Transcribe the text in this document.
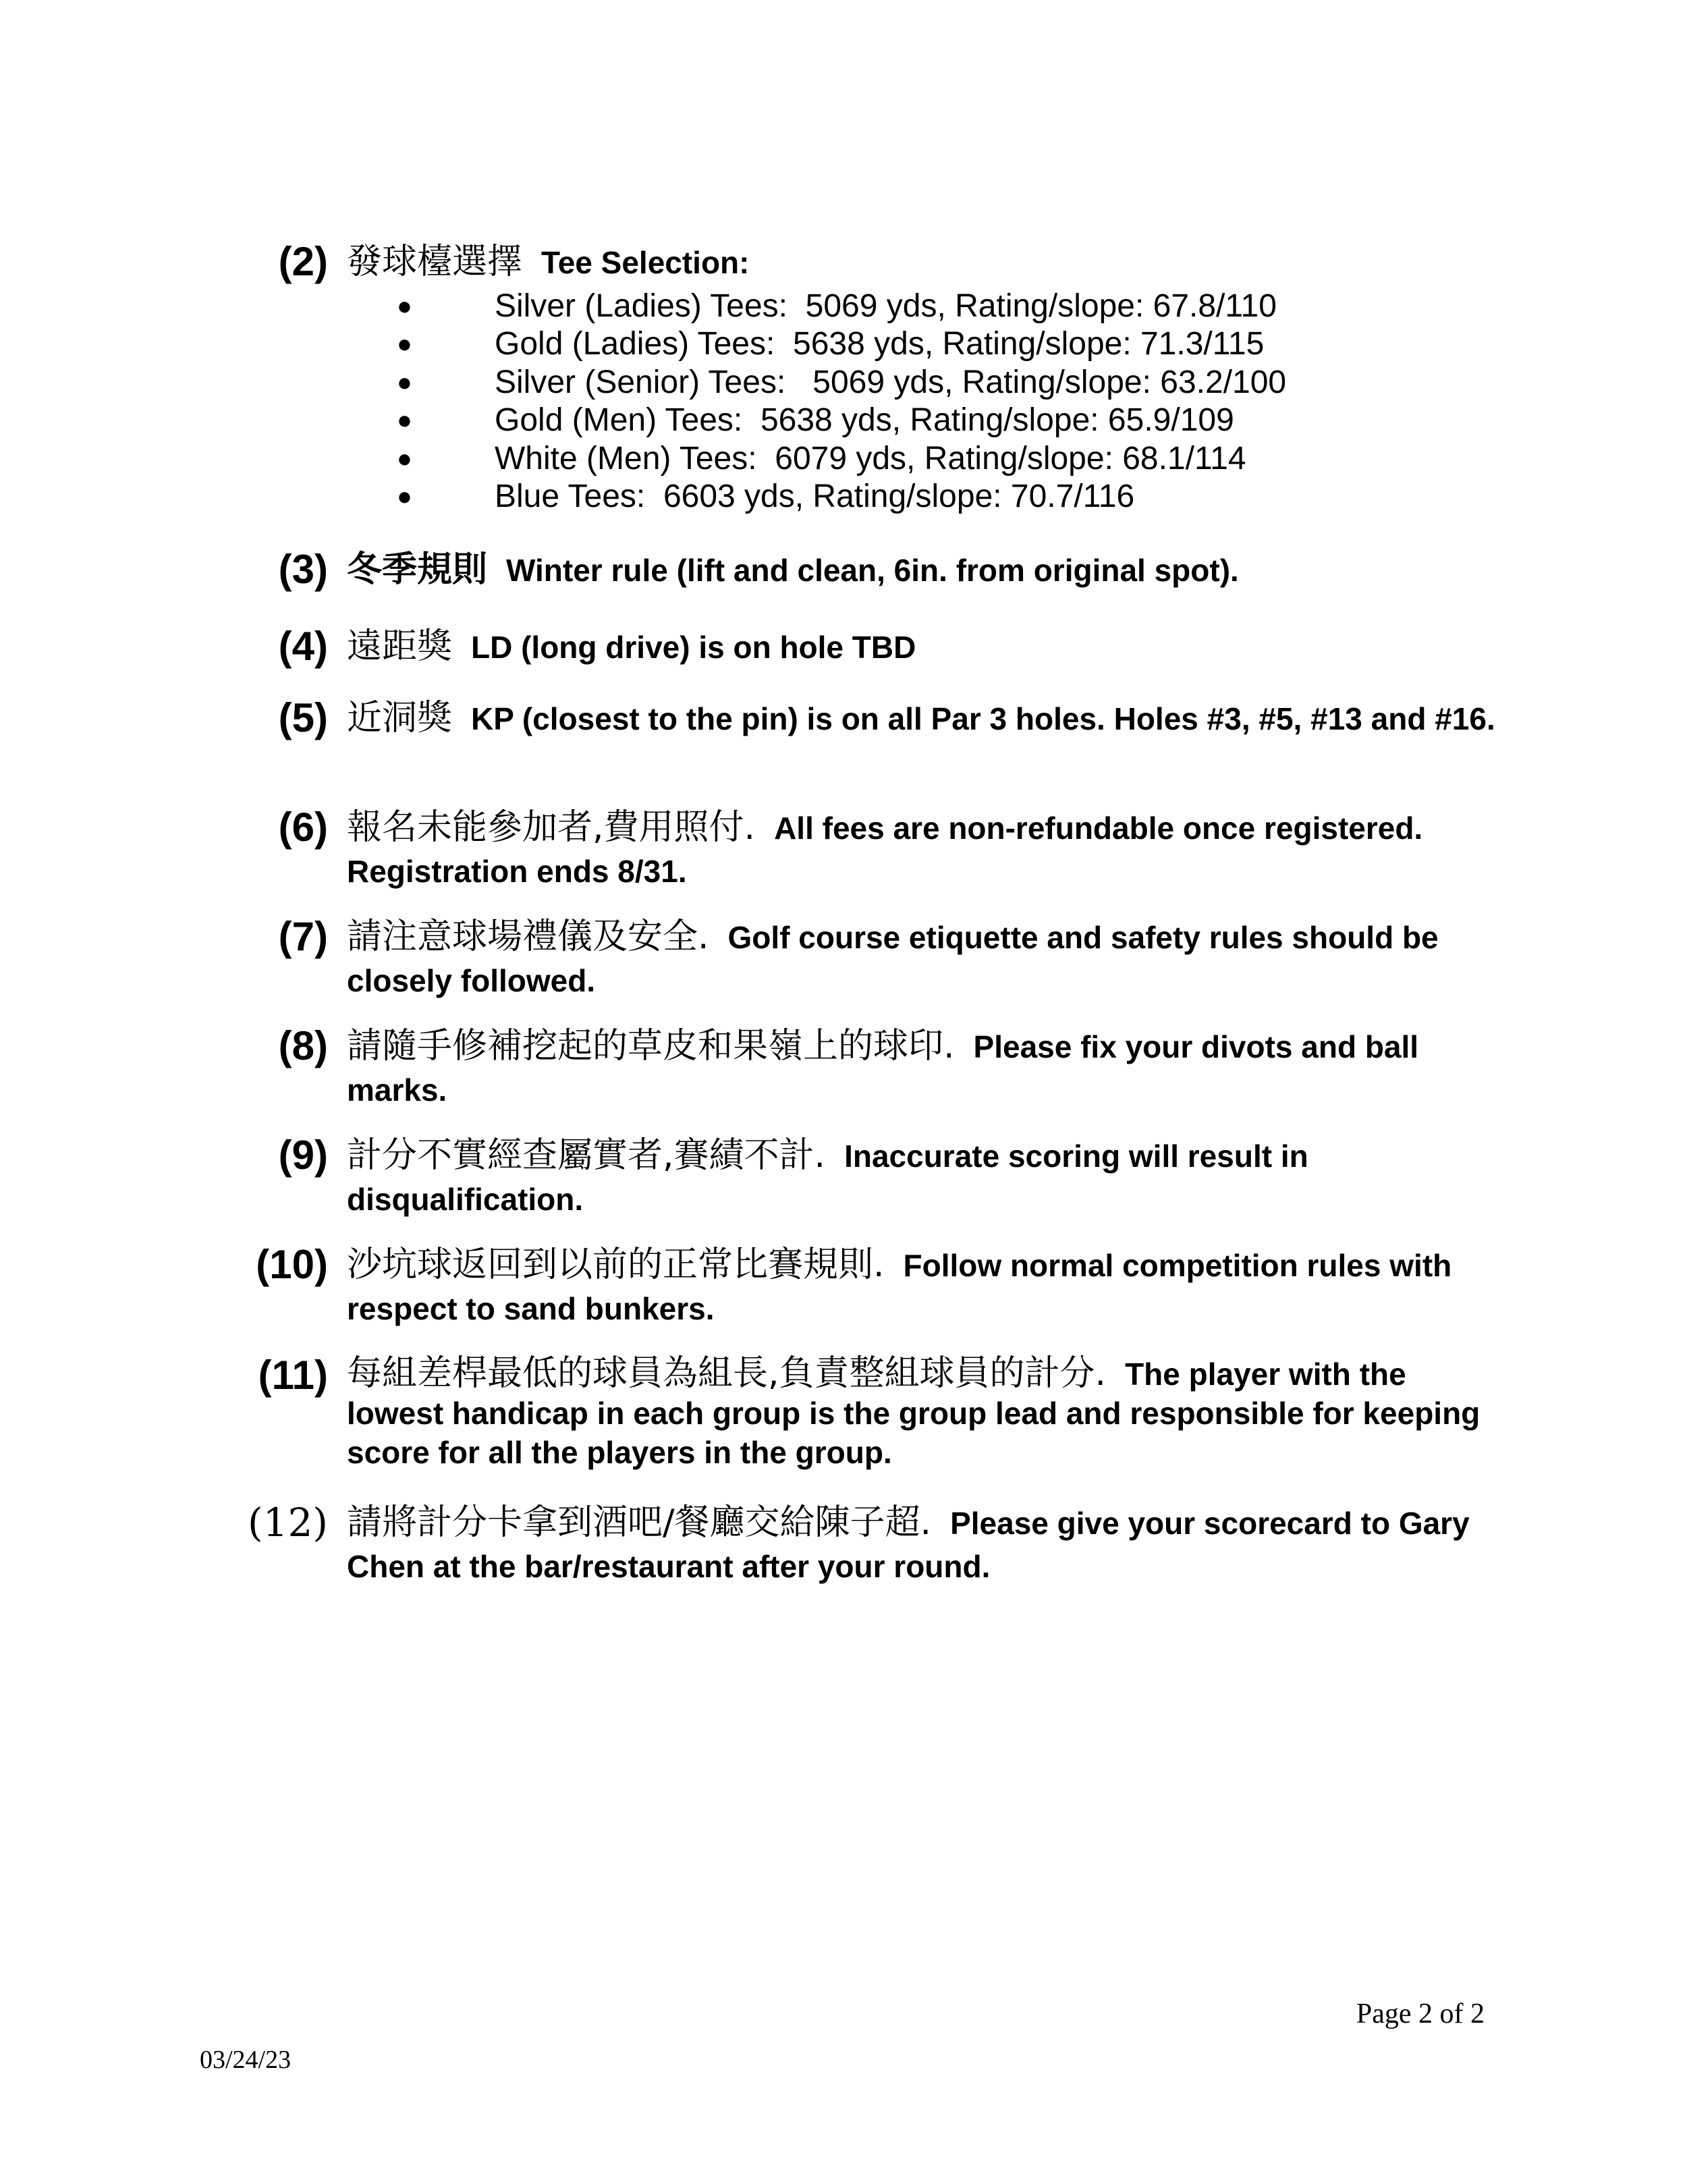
(2) 發球檯選擇 Tee Selection:

●

	Silver (Ladies) Tees:  5069 yds, Rating/slope: 67.8/110

●

	Gold (Ladies) Tees:  5638 yds, Rating/slope: 71.3/115

●

	Silver (Senior) Tees:   5069 yds, Rating/slope: 63.2/100

●

	Gold (Men) Tees:  5638 yds, Rating/slope: 65.9/109

●

	White (Men) Tees:  6079 yds, Rating/slope: 68.1/114

●

	Blue Tees:  6603 yds, Rating/slope: 70.7/116

(3) 冬季規則 Winter rule (lift and clean, 6in. from original spot).
(4) 遠距獎 LD (long drive) is on hole TBD
(5) 近洞獎 KP (closest to the pin) is on all Par 3 holes. Holes #3, #5, #13 and #16.
(6) 報名未能參加者,費用照付. All fees are non-refundable once registered. Registration ends 8/31.
(7) 請注意球場禮儀及安全. Golf course etiquette and safety rules should be closely followed.
(8) 請隨手修補挖起的草皮和果嶺上的球印. Please fix your divots and ball marks.
(9) 計分不實經查屬實者,賽績不計. Inaccurate scoring will result in disqualification.
(10) 沙坑球返回到以前的正常比賽規則. Follow normal competition rules with respect to sand bunkers.
(11) 每組差桿最低的球員為組長,負責整組球員的計分. The player with the lowest handicap in each group is the group lead and responsible for keeping score for all the players in the group.
(12) 請將計分卡拿到酒吧/餐廳交給陳子超. Please give your scorecard to Gary Chen at the bar/restaurant after your round.
Page 2 of 2
03/24/23
